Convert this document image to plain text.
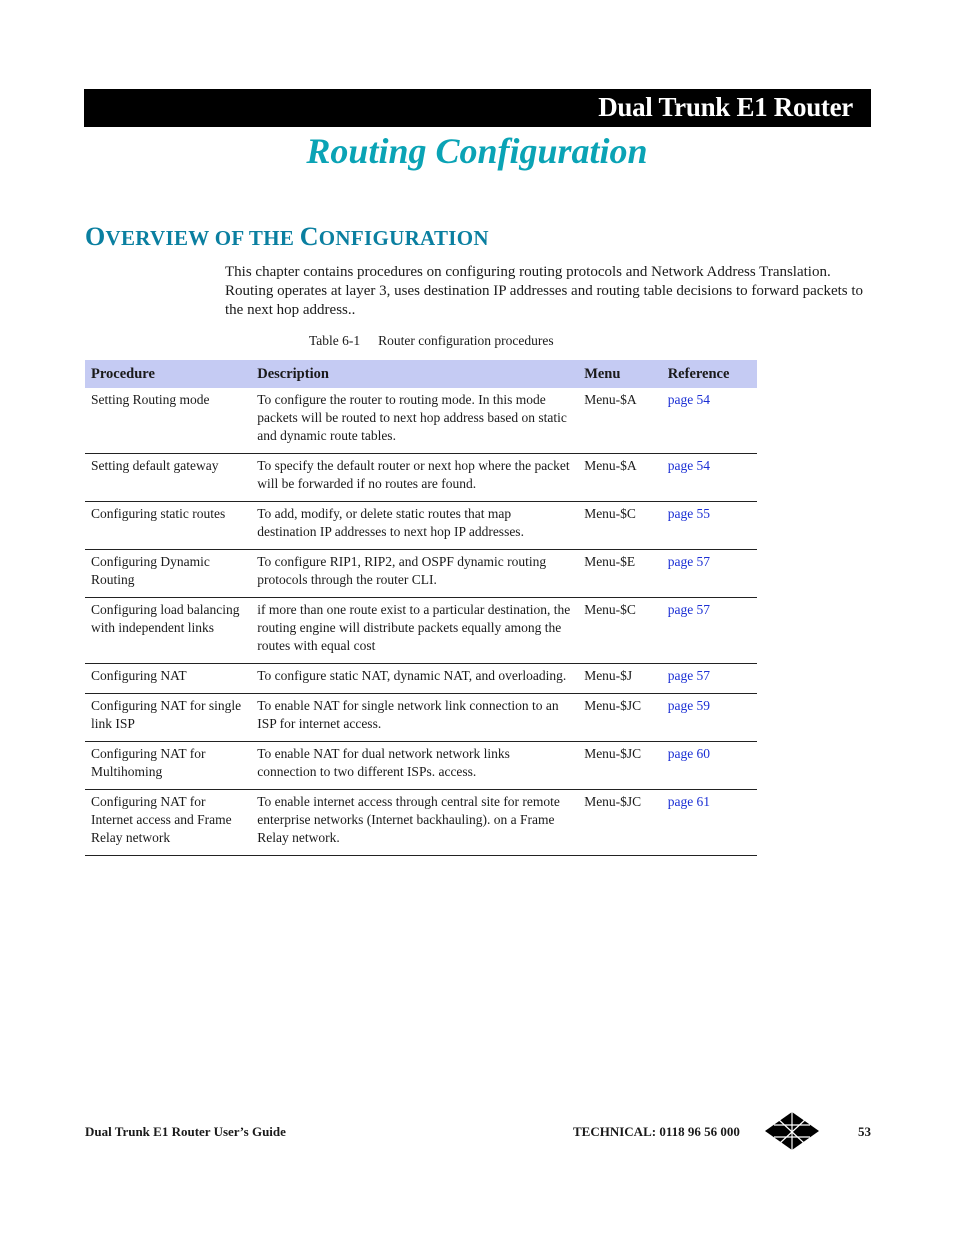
Dual Trunk E1 Router
Routing Configuration
OVERVIEW OF THE CONFIGURATION
This chapter contains procedures on configuring routing protocols and Network Address Translation. Routing operates at layer 3, uses destination IP addresses and routing table decisions to forward packets to the next hop address..
Table 6-1 Router configuration procedures
Procedure	Description	Menu	Reference
Setting Routing mode	To configure the router to routing mode. In this mode packets will be routed to next hop address based on static and dynamic route tables.	Menu-$A	page 54
Setting default gateway	To specify the default router or next hop where the packet will be forwarded if no routes are found.	Menu-$A	page 54
Configuring static routes	To add, modify, or delete static routes that map destination IP addresses to next hop IP addresses.	Menu-$C	page 55
Configuring Dynamic Routing	To configure RIP1, RIP2, and OSPF dynamic routing protocols through the router CLI.	Menu-$E	page 57
Configuring load balancing with independent links	if more than one route exist to a particular destination, the routing engine will distribute packets equally among the routes with equal cost	Menu-$C	page 57
Configuring NAT	To configure static NAT, dynamic NAT, and overloading.	Menu-$J	page 57
Configuring NAT for single link ISP	To enable NAT for single network link connection to an ISP for internet access.	Menu-$JC	page 59
Configuring NAT for Multihoming	To enable NAT for dual network network links connection to two different ISPs. access.	Menu-$JC	page 60
Configuring NAT for Internet access and Frame Relay network	To enable internet access through central site for remote enterprise networks (Internet backhauling). on a Frame Relay network.	Menu-$JC	page 61
Dual Trunk E1 Router User’s Guide	TECHNICAL: 0118 96 56 000	53
